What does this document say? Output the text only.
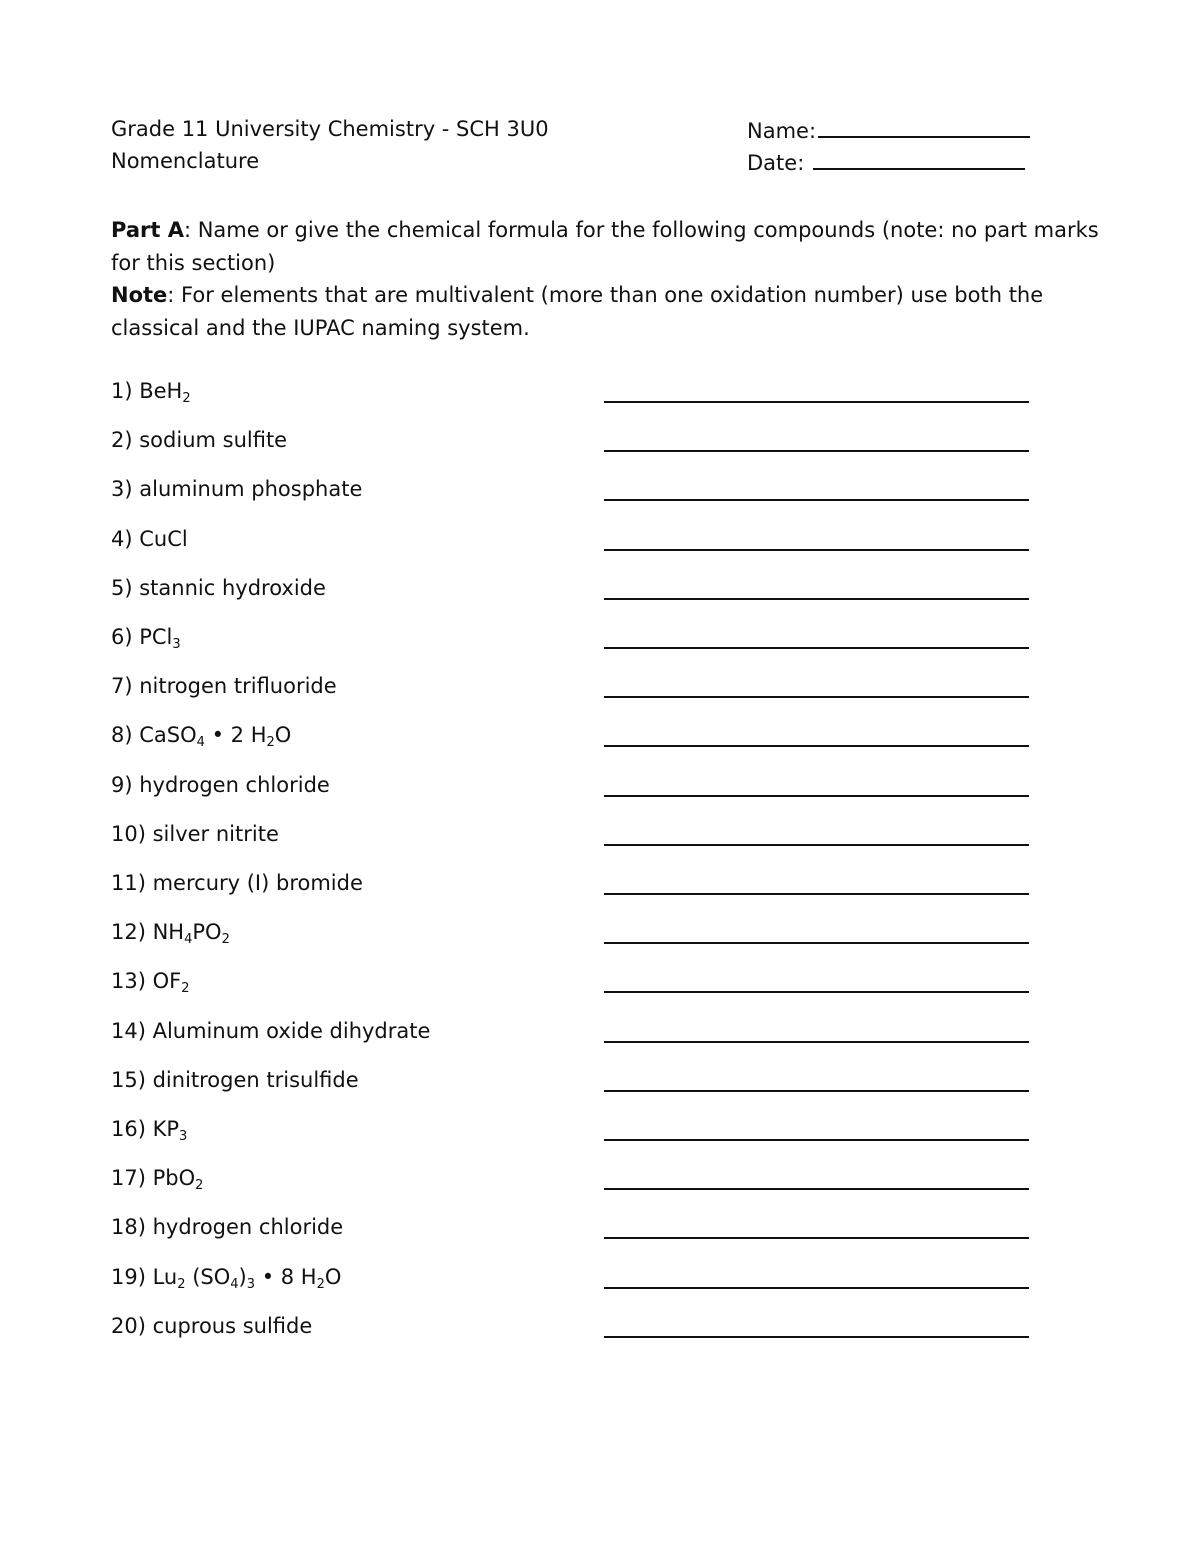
Grade 11 University Chemistry - SCH 3U0
Nomenclature
Name:
Date:
Part A: Name or give the chemical formula for the following compounds (note: no part marks for this section)
Note: For elements that are multivalent (more than one oxidation number) use both the classical and the IUPAC naming system.
1) BeH$_2$
2) sodium sulfite
3) aluminum phosphate
4) CuCl
5) stannic hydroxide
6) PCl$_3$
7) nitrogen trifluoride
8) CaSO$_4$ • 2 $H_2O$
9) hydrogen chloride
10) silver nitrite
11) mercury (I) bromide
12) $NH_4PO_2$
13) $OF_2$
14) Aluminum oxide dihydrate
15) dinitrogen trisulfide
16) $KP_3$
17) PbO$_2$
18) hydrogen chloride
19) $Lu_2$ $(SO_4)_3$ • 8 $H_2O$
20) cuprous sulfide
